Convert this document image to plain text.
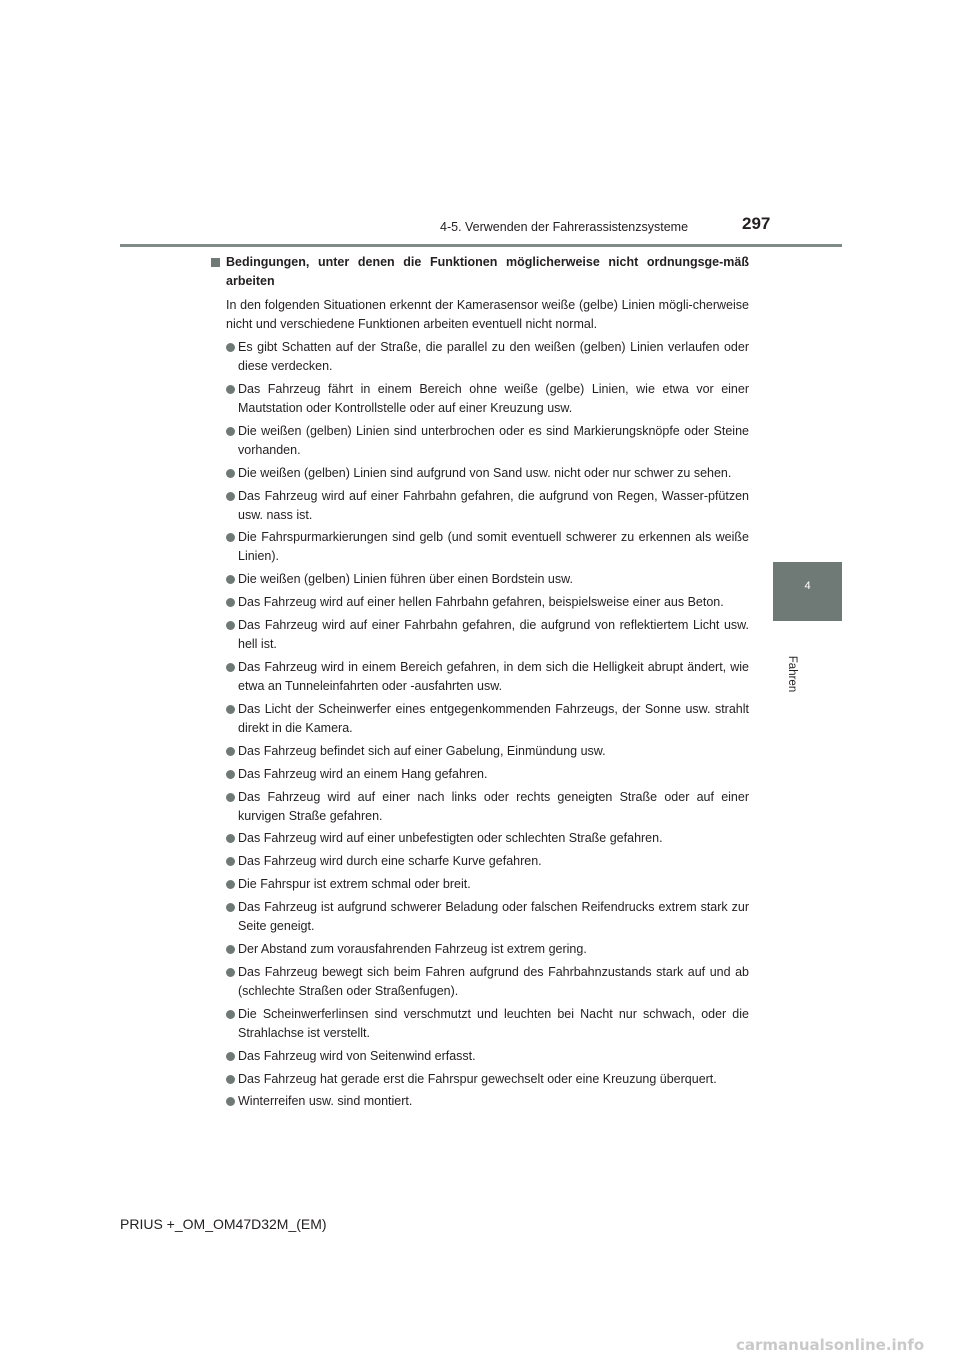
4-5. Verwenden der Fahrerassistenzsysteme	297
4
Fahren

Bedingungen, unter denen die Funktionen möglicherweise nicht ordnungsge-mäß arbeiten

In den folgenden Situationen erkennt der Kamerasensor weiße (gelbe) Linien mögli-cherweise nicht und verschiedene Funktionen arbeiten eventuell nicht normal.

Es gibt Schatten auf der Straße, die parallel zu den weißen (gelben) Linien verlaufen oder diese verdecken.
Das Fahrzeug fährt in einem Bereich ohne weiße (gelbe) Linien, wie etwa vor einer Mautstation oder Kontrollstelle oder auf einer Kreuzung usw.
Die weißen (gelben) Linien sind unterbrochen oder es sind Markierungsknöpfe oder Steine vorhanden.
Die weißen (gelben) Linien sind aufgrund von Sand usw. nicht oder nur schwer zu sehen.
Das Fahrzeug wird auf einer Fahrbahn gefahren, die aufgrund von Regen, Wasser-pfützen usw. nass ist.
Die Fahrspurmarkierungen sind gelb (und somit eventuell schwerer zu erkennen als weiße Linien).
Die weißen (gelben) Linien führen über einen Bordstein usw.
Das Fahrzeug wird auf einer hellen Fahrbahn gefahren, beispielsweise einer aus Beton.
Das Fahrzeug wird auf einer Fahrbahn gefahren, die aufgrund von reflektiertem Licht usw. hell ist.
Das Fahrzeug wird in einem Bereich gefahren, in dem sich die Helligkeit abrupt ändert, wie etwa an Tunneleinfahrten oder -ausfahrten usw.
Das Licht der Scheinwerfer eines entgegenkommenden Fahrzeugs, der Sonne usw. strahlt direkt in die Kamera.
Das Fahrzeug befindet sich auf einer Gabelung, Einmündung usw.
Das Fahrzeug wird an einem Hang gefahren.
Das Fahrzeug wird auf einer nach links oder rechts geneigten Straße oder auf einer kurvigen Straße gefahren.
Das Fahrzeug wird auf einer unbefestigten oder schlechten Straße gefahren.
Das Fahrzeug wird durch eine scharfe Kurve gefahren.
Die Fahrspur ist extrem schmal oder breit.
Das Fahrzeug ist aufgrund schwerer Beladung oder falschen Reifendrucks extrem stark zur Seite geneigt.
Der Abstand zum vorausfahrenden Fahrzeug ist extrem gering.
Das Fahrzeug bewegt sich beim Fahren aufgrund des Fahrbahnzustands stark auf und ab (schlechte Straßen oder Straßenfugen).
Die Scheinwerferlinsen sind verschmutzt und leuchten bei Nacht nur schwach, oder die Strahlachse ist verstellt.
Das Fahrzeug wird von Seitenwind erfasst.
Das Fahrzeug hat gerade erst die Fahrspur gewechselt oder eine Kreuzung überquert.
Winterreifen usw. sind montiert.
PRIUS +_OM_OM47D32M_(EM)
carmanualsonline.info
